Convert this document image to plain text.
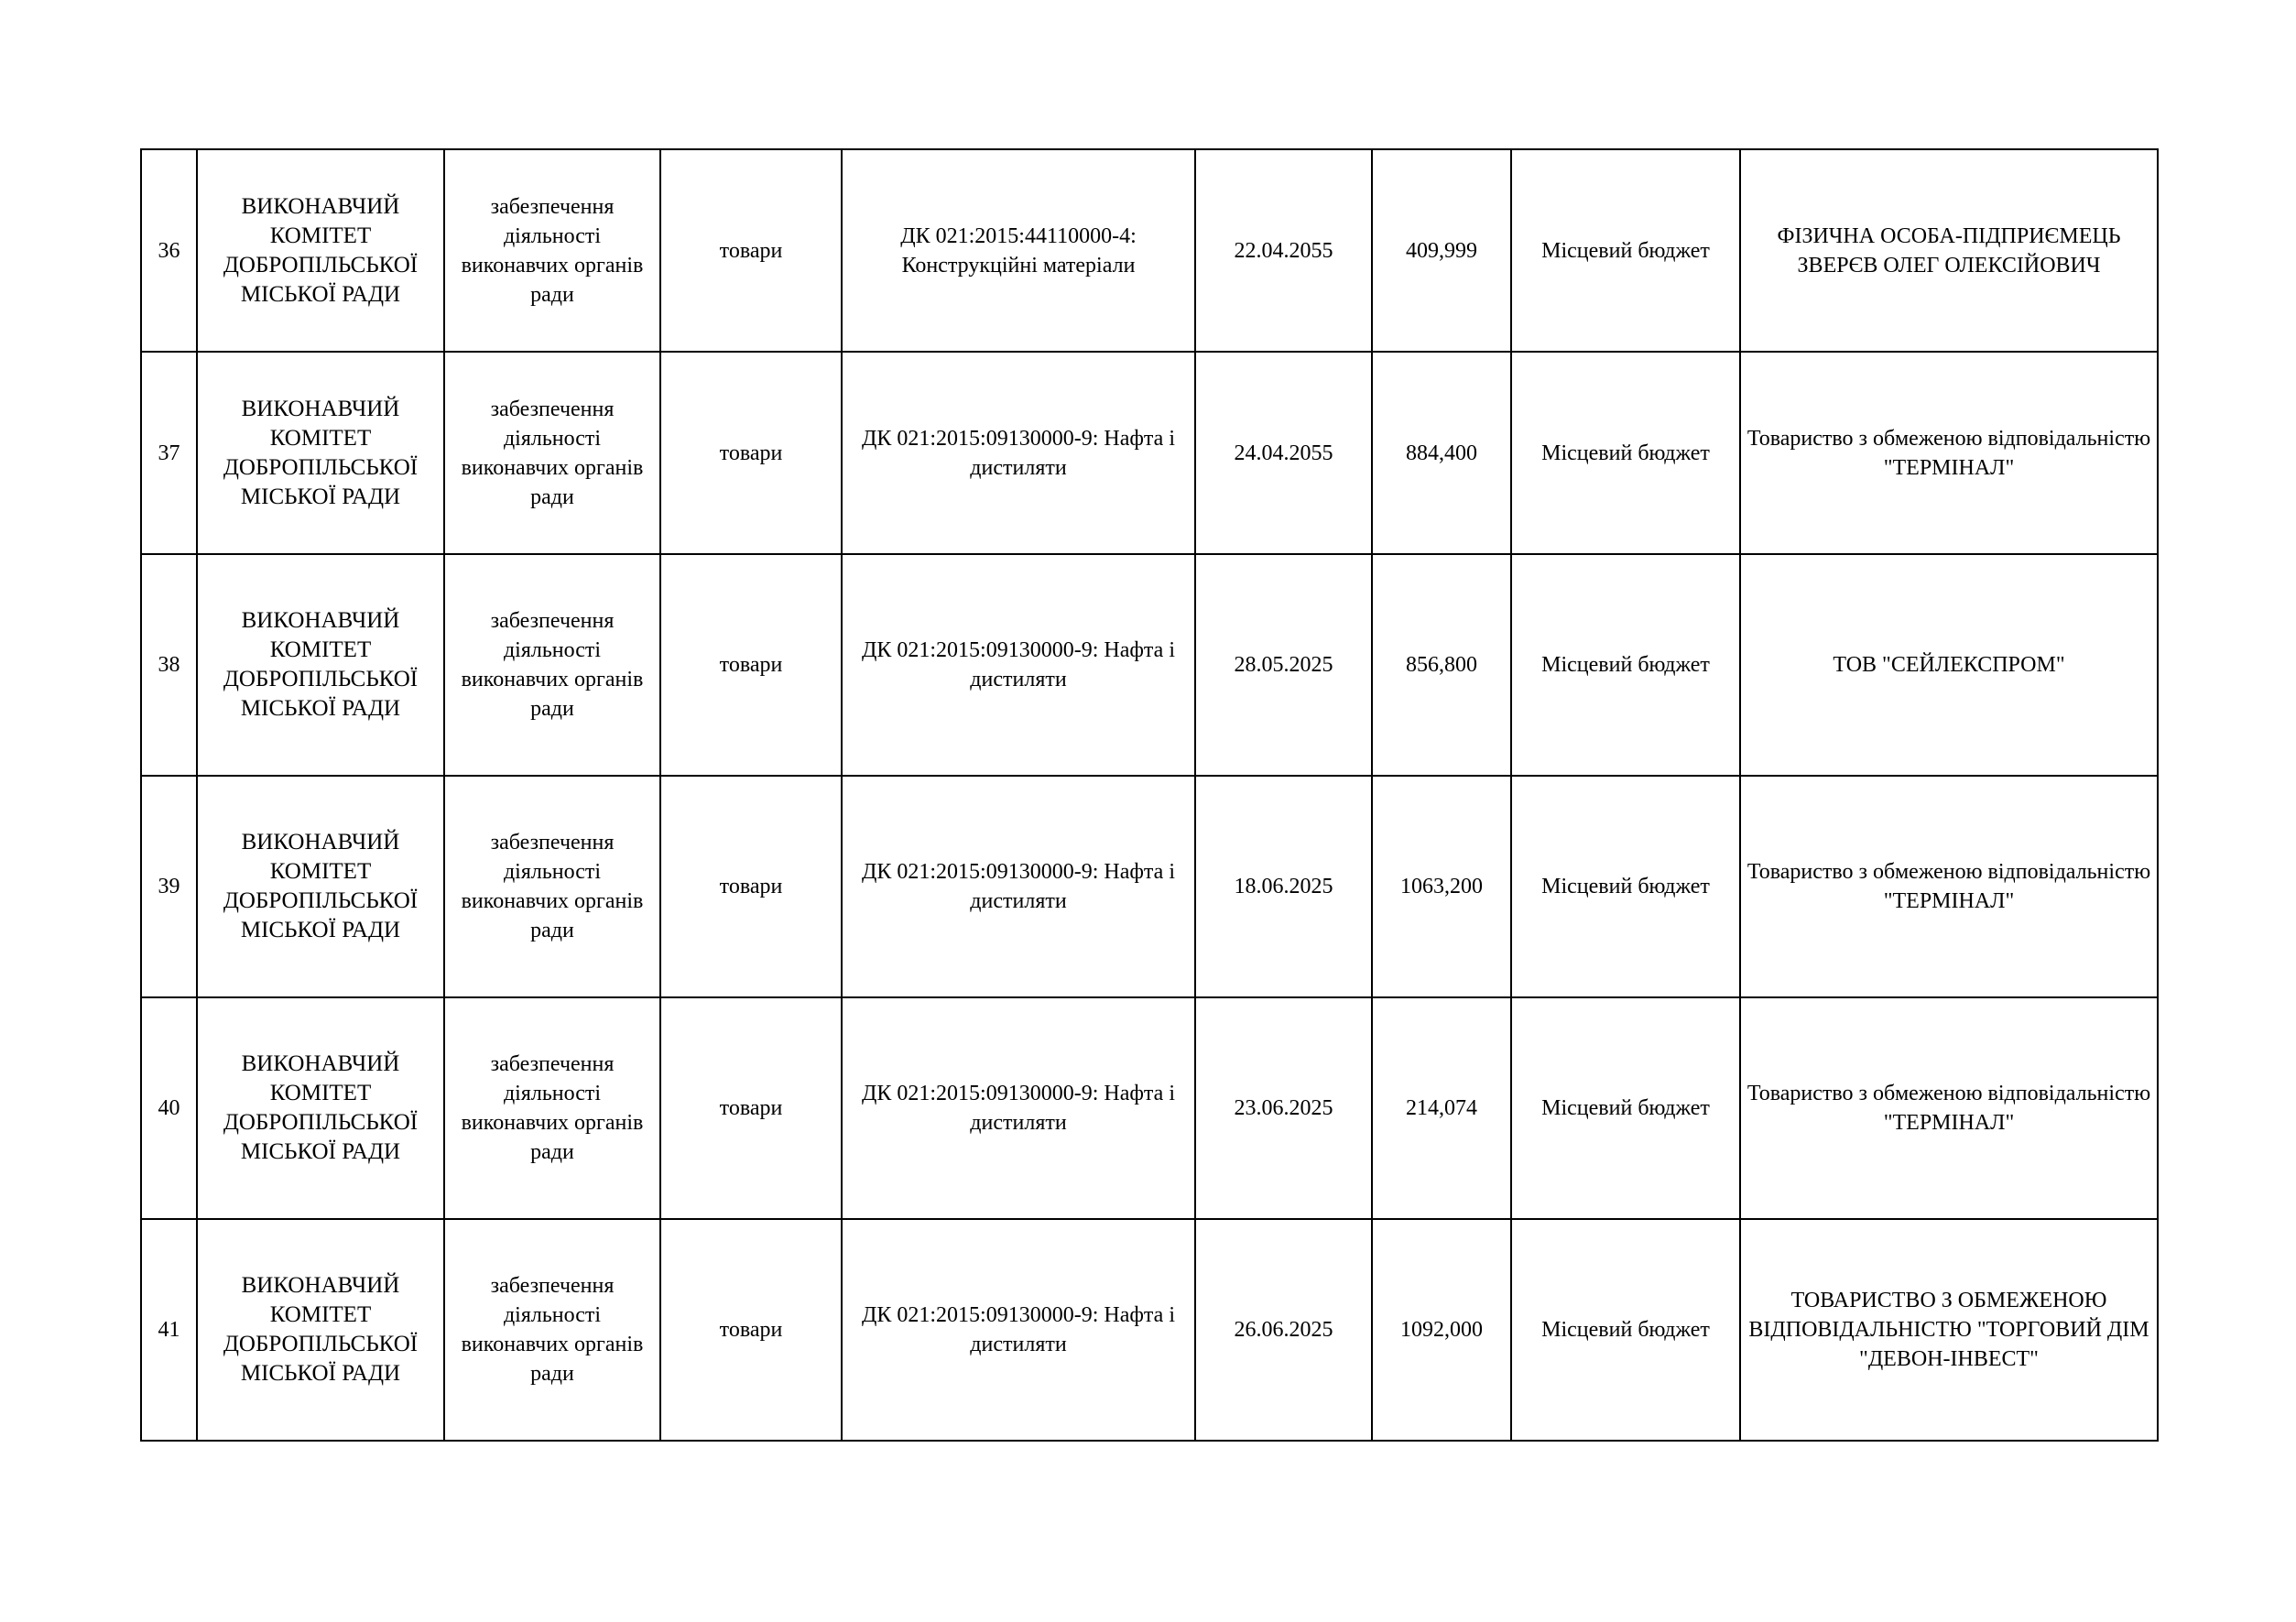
36	ВИКОНАВЧИЙ КОМІТЕТ ДОБРОПІЛЬСЬКОЇ МІСЬКОЇ РАДИ	забезпечення діяльності виконавчих органів ради	товари	ДК 021:2015:44110000-4: Конструкційні матеріали	22.04.2055	409,999	Місцевий бюджет	ФІЗИЧНА ОСОБА-ПІДПРИЄМЕЦЬ ЗВЕРЄВ ОЛЕГ ОЛЕКСІЙОВИЧ
37	ВИКОНАВЧИЙ КОМІТЕТ ДОБРОПІЛЬСЬКОЇ МІСЬКОЇ РАДИ	забезпечення діяльності виконавчих органів ради	товари	ДК 021:2015:09130000-9: Нафта і дистиляти	24.04.2055	884,400	Місцевий бюджет	Товариство з обмеженою відповідальністю "ТЕРМІНАЛ"
38	ВИКОНАВЧИЙ КОМІТЕТ ДОБРОПІЛЬСЬКОЇ МІСЬКОЇ РАДИ	забезпечення діяльності виконавчих органів ради	товари	ДК 021:2015:09130000-9: Нафта і дистиляти	28.05.2025	856,800	Місцевий бюджет	ТОВ "СЕЙЛЕКСПРОМ"
39	ВИКОНАВЧИЙ КОМІТЕТ ДОБРОПІЛЬСЬКОЇ МІСЬКОЇ РАДИ	забезпечення діяльності виконавчих органів ради	товари	ДК 021:2015:09130000-9: Нафта і дистиляти	18.06.2025	1063,200	Місцевий бюджет	Товариство з обмеженою відповідальністю "ТЕРМІНАЛ"
40	ВИКОНАВЧИЙ КОМІТЕТ ДОБРОПІЛЬСЬКОЇ МІСЬКОЇ РАДИ	забезпечення діяльності виконавчих органів ради	товари	ДК 021:2015:09130000-9: Нафта і дистиляти	23.06.2025	214,074	Місцевий бюджет	Товариство з обмеженою відповідальністю "ТЕРМІНАЛ"
41	ВИКОНАВЧИЙ КОМІТЕТ ДОБРОПІЛЬСЬКОЇ МІСЬКОЇ РАДИ	забезпечення діяльності виконавчих органів ради	товари	ДК 021:2015:09130000-9: Нафта і дистиляти	26.06.2025	1092,000	Місцевий бюджет	ТОВАРИСТВО З ОБМЕЖЕНОЮ ВІДПОВІДАЛЬНІСТЮ "ТОРГОВИЙ ДІМ "ДЕВОН-ІНВЕСТ"
